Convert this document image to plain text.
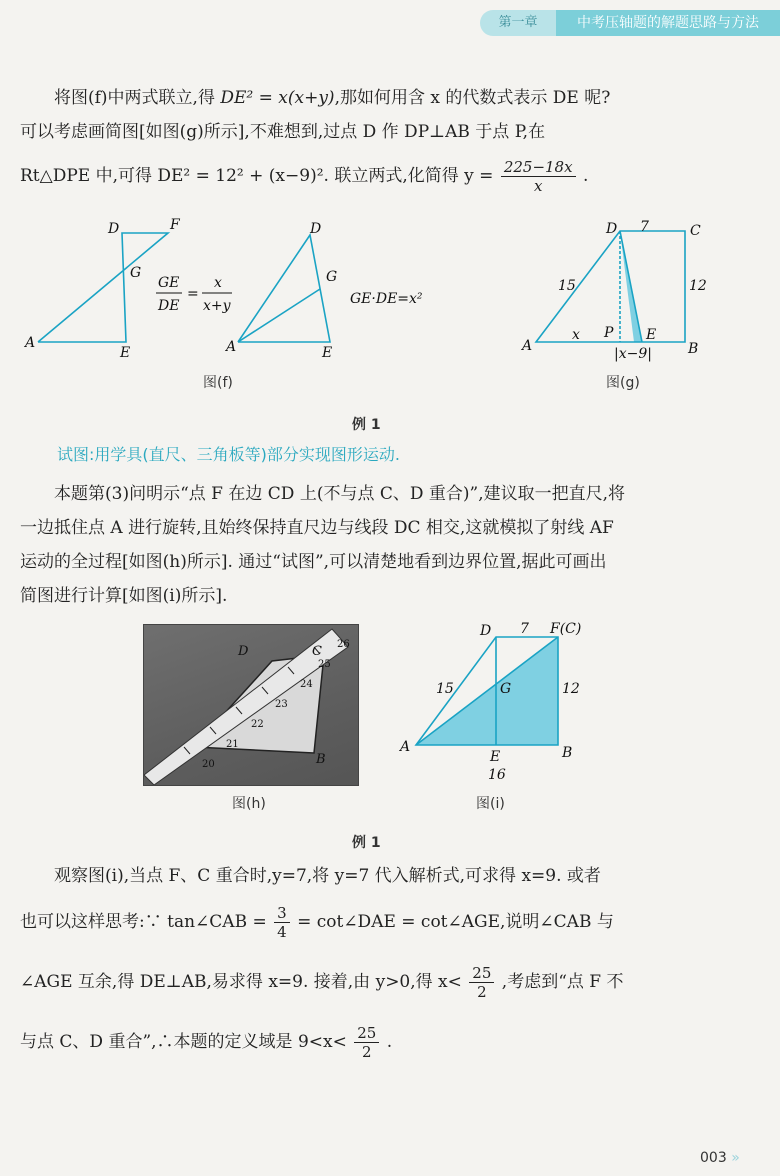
第一章	中考压轴题的解题思路与方法
将图(f)中两式联立,得 DE² = x(x+y),那如何用含 x 的代数式表示 DE 呢?
可以考虑画简图[如图(g)所示],不难想到,过点 D 作 DP⊥AB 于点 P,在
Rt△DPE 中,可得 DE² = 12² + (x−9)². 联立两式,化简得 $y = \frac{225-18x}{x}$ .
D	F
G
A
E
GE
DE
=
x
x+y
D
G
A	E
GE·DE=x²
图(f)
D 7	C
15	12
A
x P E
B
|x−9|
图(g)
例 1
试图:用学具(直尺、三角板等)部分实现图形运动.
本题第(3)问明示“点 F 在边 CD 上(不与点 C、D 重合)”,建议取一把直尺,将
一边抵住点 A 进行旋转,且始终保持直尺边与线段 DC 相交,这就模拟了射线 AF
运动的全过程[如图(h)所示]. 通过“试图”,可以清楚地看到边界位置,据此可画出
简图进行计算[如图(i)所示].
20
21
22
23
24
25
26
D	C
B
图(h)
D 7 F(C)
15	G	12
A
E	B
16
图(i)
例 1
观察图(i),当点 F、C 重合时,y=7,将 y=7 代入解析式,可求得 x=9. 或者
也可以这样思考:∵ tan∠CAB = $\frac{3}{4}$ = cot∠DAE = cot∠AGE,说明∠CAB 与
∠AGE 互余,得 DE⊥AB,易求得 x=9. 接着,由 y>0,得 $x< \frac{25}{2}$ ,考虑到“点 F 不
与点 C、D 重合”,∴本题的定义域是 $9<x< \frac{25}{2}$ .
003 »
